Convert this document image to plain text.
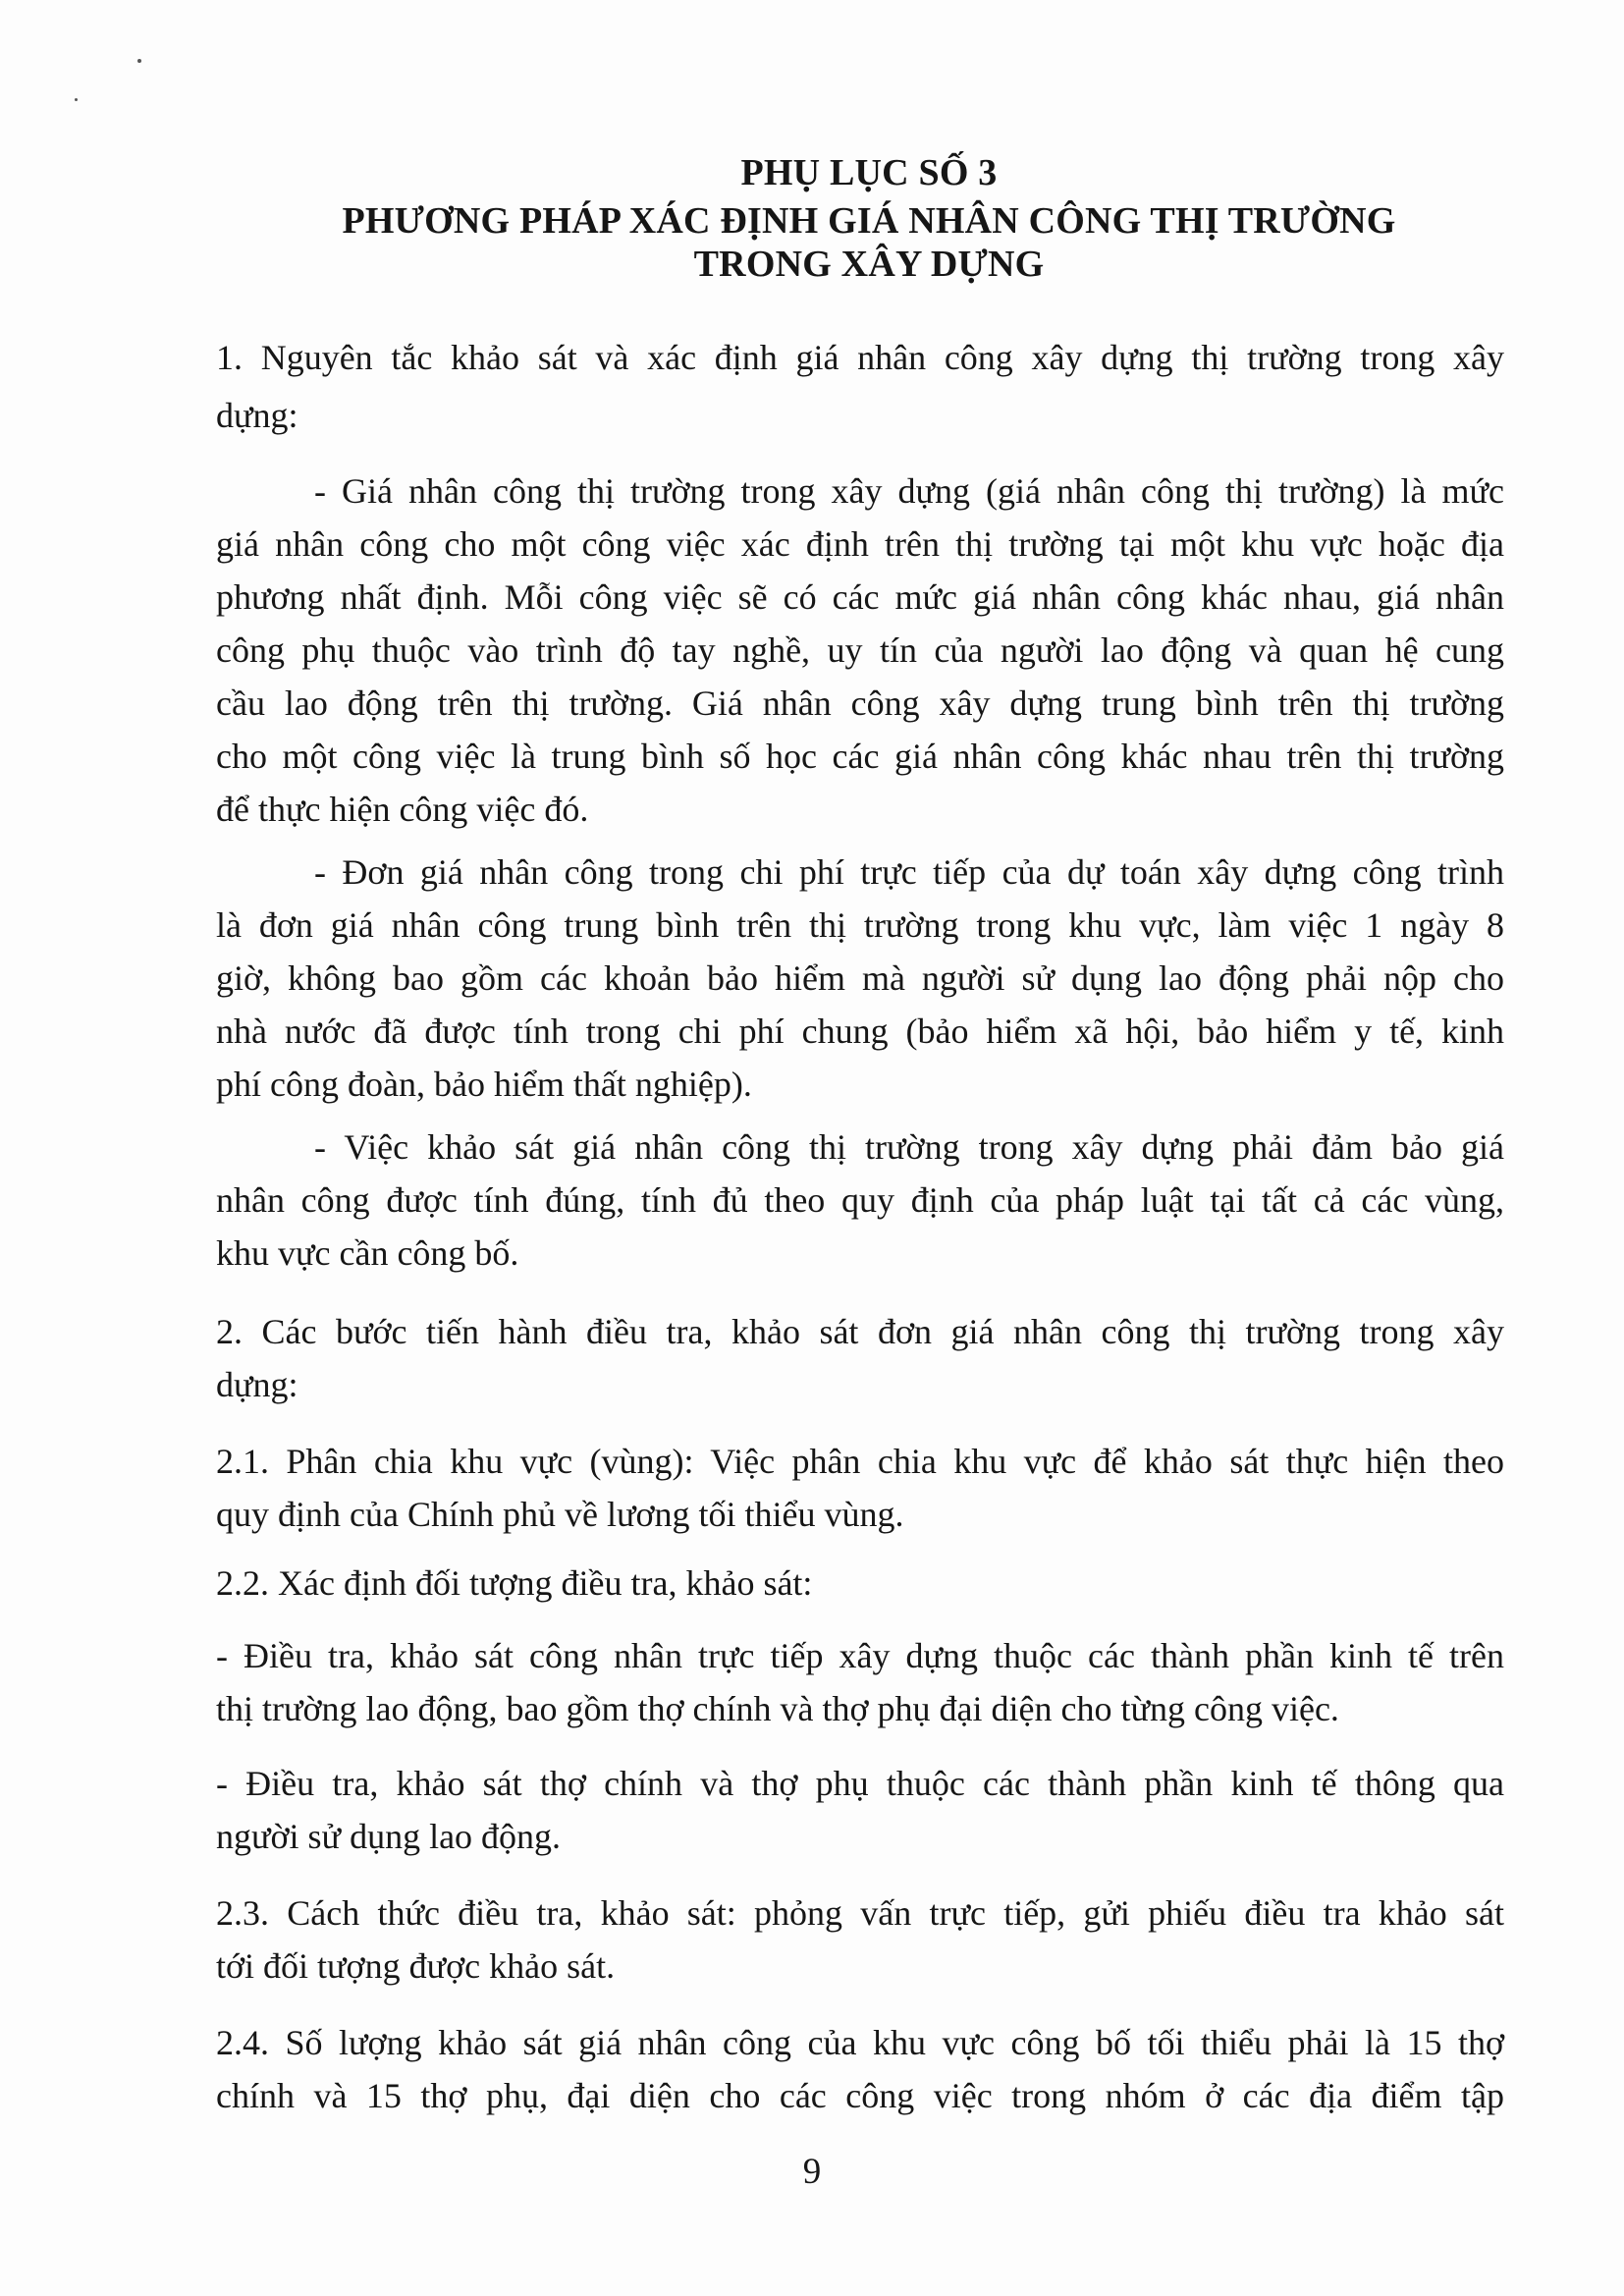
PHỤ LỤC SỐ 3
PHƯƠNG PHÁP XÁC ĐỊNH GIÁ NHÂN CÔNG THỊ TRƯỜNG
TRONG XÂY DỰNG
1. Nguyên tắc khảo sát và xác định giá nhân công xây dựng thị trường trong xây
dựng:
- Giá nhân công thị trường trong xây dựng (giá nhân công thị trường) là mức
giá nhân công cho một công việc xác định trên thị trường tại một khu vực hoặc địa
phương nhất định. Mỗi công việc sẽ có các mức giá nhân công khác nhau, giá nhân
công phụ thuộc vào trình độ tay nghề, uy tín của người lao động và quan hệ cung
cầu lao động trên thị trường. Giá nhân công xây dựng trung bình trên thị trường
cho một công việc là trung bình số học các giá nhân công khác nhau trên thị trường
để thực hiện công việc đó.
- Đơn giá nhân công trong chi phí trực tiếp của dự toán xây dựng công trình
là đơn giá nhân công trung bình trên thị trường trong khu vực, làm việc 1 ngày 8
giờ, không bao gồm các khoản bảo hiểm mà người sử dụng lao động phải nộp cho
nhà nước đã được tính trong chi phí chung (bảo hiểm xã hội, bảo hiểm y tế, kinh
phí công đoàn, bảo hiểm thất nghiệp).
- Việc khảo sát giá nhân công thị trường trong xây dựng phải đảm bảo giá
nhân công được tính đúng, tính đủ theo quy định của pháp luật tại tất cả các vùng,
khu vực cần công bố.
2. Các bước tiến hành điều tra, khảo sát đơn giá nhân công thị trường trong xây
dựng:
2.1. Phân chia khu vực (vùng): Việc phân chia khu vực để khảo sát thực hiện theo
quy định của Chính phủ về lương tối thiểu vùng.
2.2. Xác định đối tượng điều tra, khảo sát:
- Điều tra, khảo sát công nhân trực tiếp xây dựng thuộc các thành phần kinh tế trên
thị trường lao động, bao gồm thợ chính và thợ phụ đại diện cho từng công việc.
- Điều tra, khảo sát thợ chính và thợ phụ thuộc các thành phần kinh tế thông qua
người sử dụng lao động.
2.3. Cách thức điều tra, khảo sát: phỏng vấn trực tiếp, gửi phiếu điều tra khảo sát
tới đối tượng được khảo sát.
2.4. Số lượng khảo sát giá nhân công của khu vực công bố tối thiểu phải là 15 thợ
chính và 15 thợ phụ, đại diện cho các công việc trong nhóm ở các địa điểm tập
9
